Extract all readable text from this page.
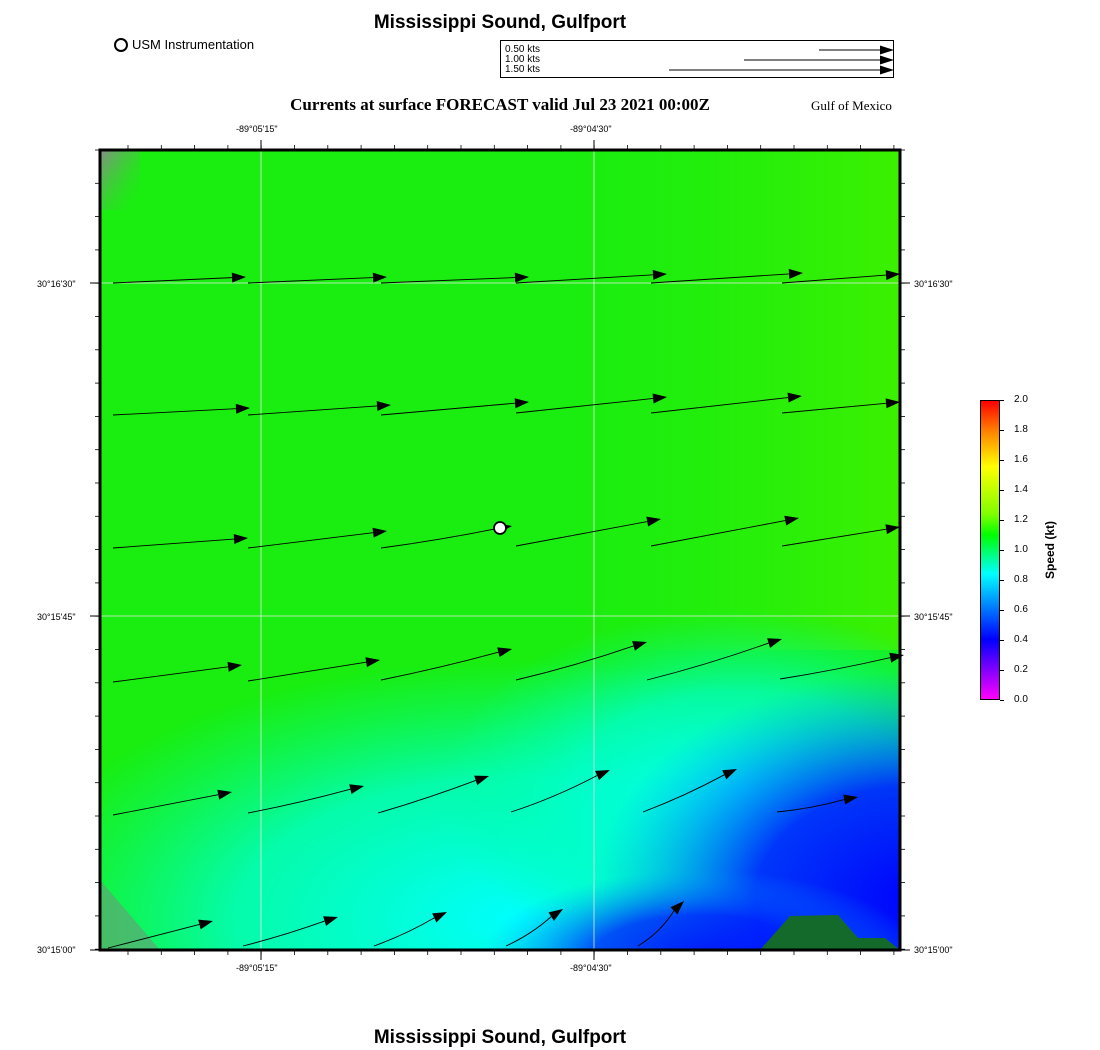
Mississippi Sound, Gulfport
USM Instrumentation	0.50 kts
1.00 kts
1.50 kts
Currents at surface FORECAST valid Jul 23 2021 00:00Z	Gulf of Mexico
-89°05'15"	-89°04'30"
-89°05'15"	-89°04'30"
30°16'30"
30°15'45"
30°15'00"
30°16'30"
30°15'45"
30°15'00"
2.0
1.8
1.6
1.4
1.2
1.0
0.8
0.6
0.4
0.2
0.0
Speed (kt)
Mississippi Sound, Gulfport
